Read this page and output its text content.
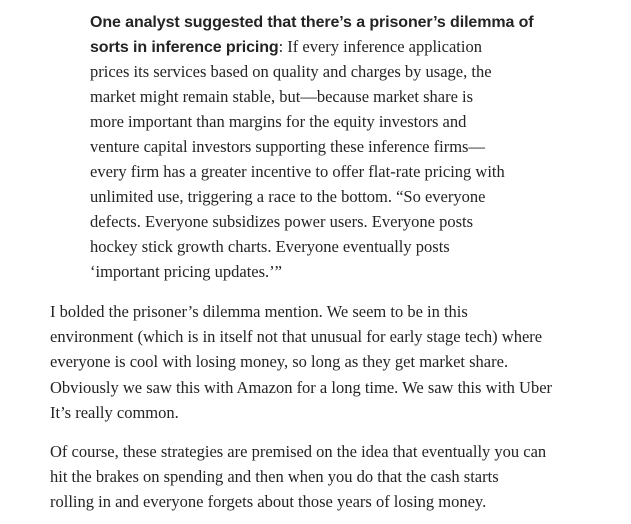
One analyst suggested that there’s a prisoner’s dilemma of
sorts in inference pricing: If every inference application
prices its services based on quality and charges by usage, the
market might remain stable, but—because market share is
more important than margins for the equity investors and
venture capital investors supporting these inference firms—
every firm has a greater incentive to offer flat-rate pricing with
unlimited use, triggering a race to the bottom. “So everyone
defects. Everyone subsidizes power users. Everyone posts
hockey stick growth charts. Everyone eventually posts
‘important pricing updates.’”
I bolded the prisoner’s dilemma mention. We seem to be in this
environment (which is in itself not that unusual for early stage tech) where
everyone is cool with losing money, so long as they get market share.
Obviously we saw this with Amazon for a long time. We saw this with Uber
It’s really common.
Of course, these strategies are premised on the idea that eventually you can
hit the brakes on spending and then when you do that the cash starts
rolling in and everyone forgets about those years of losing money.
